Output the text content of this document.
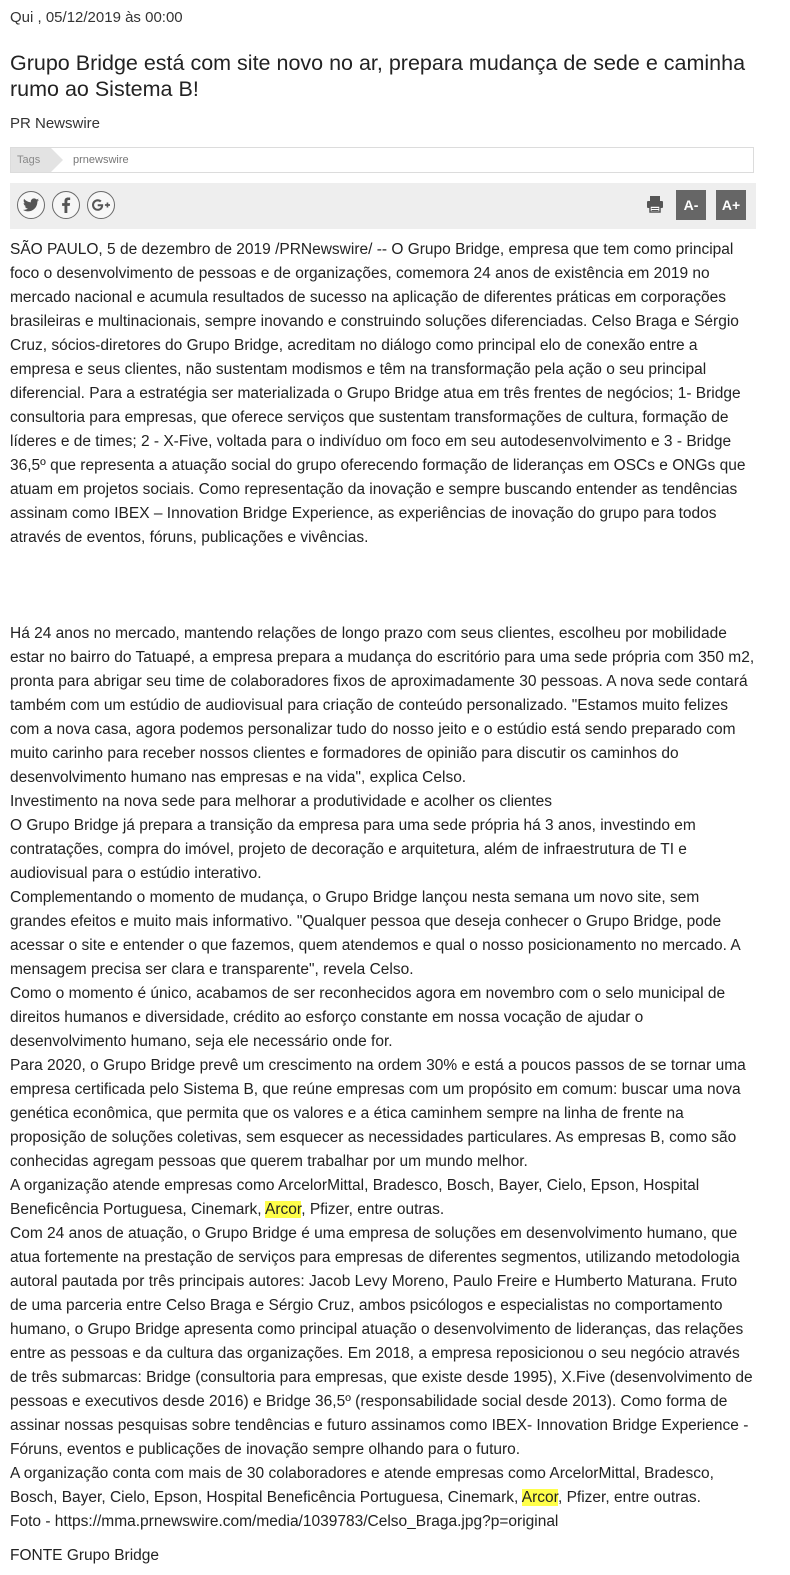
Qui , 05/12/2019 às 00:00
Grupo Bridge está com site novo no ar, prepara mudança de sede e caminha rumo ao Sistema B!
PR Newswire
Tags	prnewswire
A-	A+

SÃO PAULO, 5 de dezembro de 2019 /PRNewswire/ -- O Grupo Bridge, empresa que tem como principal foco o desenvolvimento de pessoas e de organizações, comemora 24 anos de existência em 2019 no mercado nacional e acumula resultados de sucesso na aplicação de diferentes práticas em corporações brasileiras e multinacionais, sempre inovando e construindo soluções diferenciadas. Celso Braga e Sérgio Cruz, sócios-diretores do Grupo Bridge, acreditam no diálogo como principal elo de conexão entre a empresa e seus clientes, não sustentam modismos e têm na transformação pela ação o seu principal diferencial. Para a estratégia ser materializada o Grupo Bridge atua em três frentes de negócios; 1- Bridge consultoria para empresas, que oferece serviços que sustentam transformações de cultura, formação de líderes e de times; 2 - X-Five, voltada para o indivíduo om foco em seu autodesenvolvimento e 3 - Bridge 36,5º que representa a atuação social do grupo oferecendo formação de lideranças em OSCs e ONGs que atuam em projetos sociais. Como representação da inovação e sempre buscando entender as tendências assinam como IBEX – Innovation Bridge Experience, as experiências de inovação do grupo para todos através de eventos, fóruns, publicações e vivências.

Há 24 anos no mercado, mantendo relações de longo prazo com seus clientes, escolheu por mobilidade estar no bairro do Tatuapé, a empresa prepara a mudança do escritório para uma sede própria com 350 m2, pronta para abrigar seu time de colaboradores fixos de aproximadamente 30 pessoas. A nova sede contará também com um estúdio de audiovisual para criação de conteúdo personalizado. "Estamos muito felizes com a nova casa, agora podemos personalizar tudo do nosso jeito e o estúdio está sendo preparado com muito carinho para receber nossos clientes e formadores de opinião para discutir os caminhos do desenvolvimento humano nas empresas e na vida", explica Celso.

Investimento na nova sede para melhorar a produtividade e acolher os clientes

O Grupo Bridge já prepara a transição da empresa para uma sede própria há 3 anos, investindo em contratações, compra do imóvel, projeto de decoração e arquitetura, além de infraestrutura de TI e audiovisual para o estúdio interativo.

Complementando o momento de mudança, o Grupo Bridge lançou nesta semana um novo site, sem grandes efeitos e muito mais informativo. "Qualquer pessoa que deseja conhecer o Grupo Bridge, pode acessar o site e entender o que fazemos, quem atendemos e qual o nosso posicionamento no mercado. A mensagem precisa ser clara e transparente", revela Celso.

Como o momento é único, acabamos de ser reconhecidos agora em novembro com o selo municipal de direitos humanos e diversidade, crédito ao esforço constante em nossa vocação de ajudar o desenvolvimento humano, seja ele necessário onde for.

Para 2020, o Grupo Bridge prevê um crescimento na ordem 30% e está a poucos passos de se tornar uma empresa certificada pelo Sistema B, que reúne empresas com um propósito em comum: buscar uma nova genética econômica, que permita que os valores e a ética caminhem sempre na linha de frente na proposição de soluções coletivas, sem esquecer as necessidades particulares. As empresas B, como são conhecidas agregam pessoas que querem trabalhar por um mundo melhor.

A organização atende empresas como ArcelorMittal, Bradesco, Bosch, Bayer, Cielo, Epson, Hospital Beneficência Portuguesa, Cinemark, Arcor, Pfizer, entre outras.

Com 24 anos de atuação, o Grupo Bridge é uma empresa de soluções em desenvolvimento humano, que atua fortemente na prestação de serviços para empresas de diferentes segmentos, utilizando metodologia autoral pautada por três principais autores: Jacob Levy Moreno, Paulo Freire e Humberto Maturana. Fruto de uma parceria entre Celso Braga e Sérgio Cruz, ambos psicólogos e especialistas no comportamento humano, o Grupo Bridge apresenta como principal atuação o desenvolvimento de lideranças, das relações entre as pessoas e da cultura das organizações. Em 2018, a empresa reposicionou o seu negócio através de três submarcas: Bridge (consultoria para empresas, que existe desde 1995), X.Five (desenvolvimento de pessoas e executivos desde 2016) e Bridge 36,5º (responsabilidade social desde 2013). Como forma de assinar nossas pesquisas sobre tendências e futuro assinamos como IBEX- Innovation Bridge Experience - Fóruns, eventos e publicações de inovação sempre olhando para o futuro.

A organização conta com mais de 30 colaboradores e atende empresas como ArcelorMittal, Bradesco, Bosch, Bayer, Cielo, Epson, Hospital Beneficência Portuguesa, Cinemark, Arcor, Pfizer, entre outras.

Foto - https://mma.prnewswire.com/media/1039783/Celso_Braga.jpg?p=original

FONTE Grupo Bridge
